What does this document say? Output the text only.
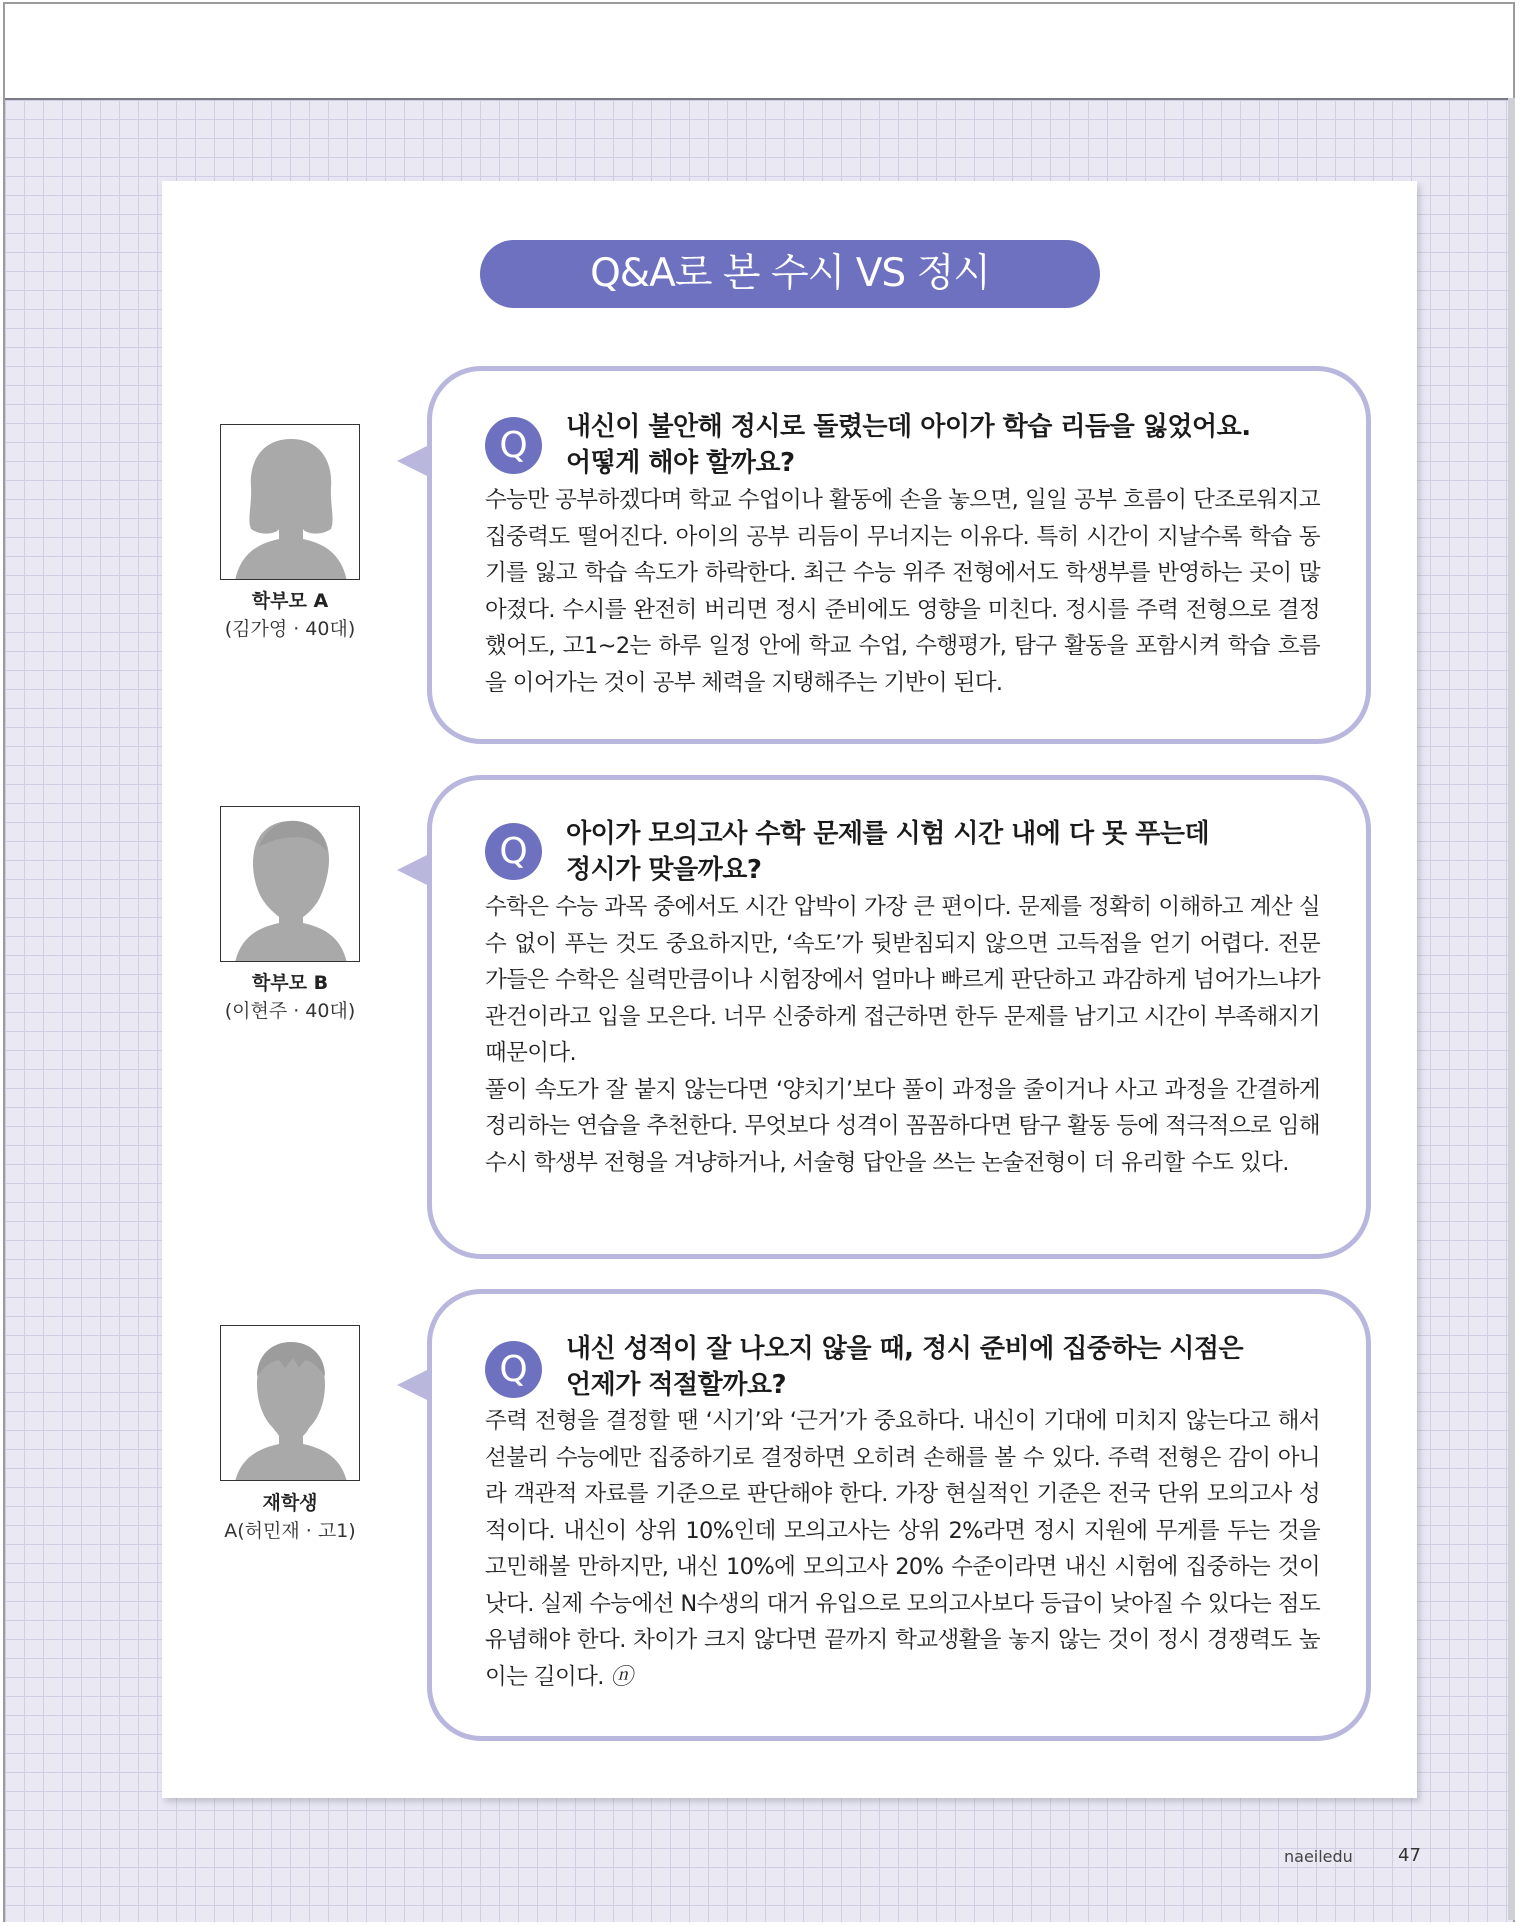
Q&A로 본 수시 VS 정시
학부모 A
(김가영 · 40대)
Q	내신이 불안해 정시로 돌렸는데 아이가 학습 리듬을 잃었어요.
어떻게 해야 할까요?

수능만 공부하겠다며 학교 수업이나 활동에 손을 놓으면, 일일 공부 흐름이 단조로워지고 집중력도 떨어진다. 아이의 공부 리듬이 무너지는 이유다. 특히 시간이 지날수록 학습 동기를 잃고 학습 속도가 하락한다. 최근 수능 위주 전형에서도 학생부를 반영하는 곳이 많아졌다. 수시를 완전히 버리면 정시 준비에도 영향을 미친다. 정시를 주력 전형으로 결정했어도, 고1~2는 하루 일정 안에 학교 수업, 수행평가, 탐구 활동을 포함시켜 학습 흐름을 이어가는 것이 공부 체력을 지탱해주는 기반이 된다.

학부모 B
(이현주 · 40대)
Q	아이가 모의고사 수학 문제를 시험 시간 내에 다 못 푸는데
정시가 맞을까요?

수학은 수능 과목 중에서도 시간 압박이 가장 큰 편이다. 문제를 정확히 이해하고 계산 실수 없이 푸는 것도 중요하지만, ‘속도’가 뒷받침되지 않으면 고득점을 얻기 어렵다. 전문가들은 수학은 실력만큼이나 시험장에서 얼마나 빠르게 판단하고 과감하게 넘어가느냐가 관건이라고 입을 모은다. 너무 신중하게 접근하면 한두 문제를 남기고 시간이 부족해지기 때문이다.

풀이 속도가 잘 붙지 않는다면 ‘양치기’보다 풀이 과정을 줄이거나 사고 과정을 간결하게 정리하는 연습을 추천한다. 무엇보다 성격이 꼼꼼하다면 탐구 활동 등에 적극적으로 임해 수시 학생부 전형을 겨냥하거나, 서술형 답안을 쓰는 논술전형이 더 유리할 수도 있다.

재학생
A(허민재 · 고1)
Q	내신 성적이 잘 나오지 않을 때, 정시 준비에 집중하는 시점은
언제가 적절할까요?

주력 전형을 결정할 땐 ‘시기’와 ‘근거’가 중요하다. 내신이 기대에 미치지 않는다고 해서 섣불리 수능에만 집중하기로 결정하면 오히려 손해를 볼 수 있다. 주력 전형은 감이 아니라 객관적 자료를 기준으로 판단해야 한다. 가장 현실적인 기준은 전국 단위 모의고사 성적이다. 내신이 상위 10%인데 모의고사는 상위 2%라면 정시 지원에 무게를 두는 것을 고민해볼 만하지만, 내신 10%에 모의고사 20% 수준이라면 내신 시험에 집중하는 것이 낫다. 실제 수능에선 N수생의 대거 유입으로 모의고사보다 등급이 낮아질 수 있다는 점도 유념해야 한다. 차이가 크지 않다면 끝까지 학교생활을 놓지 않는 것이 정시 경쟁력도 높이는 길이다. ⓝ

naeiledu	47
